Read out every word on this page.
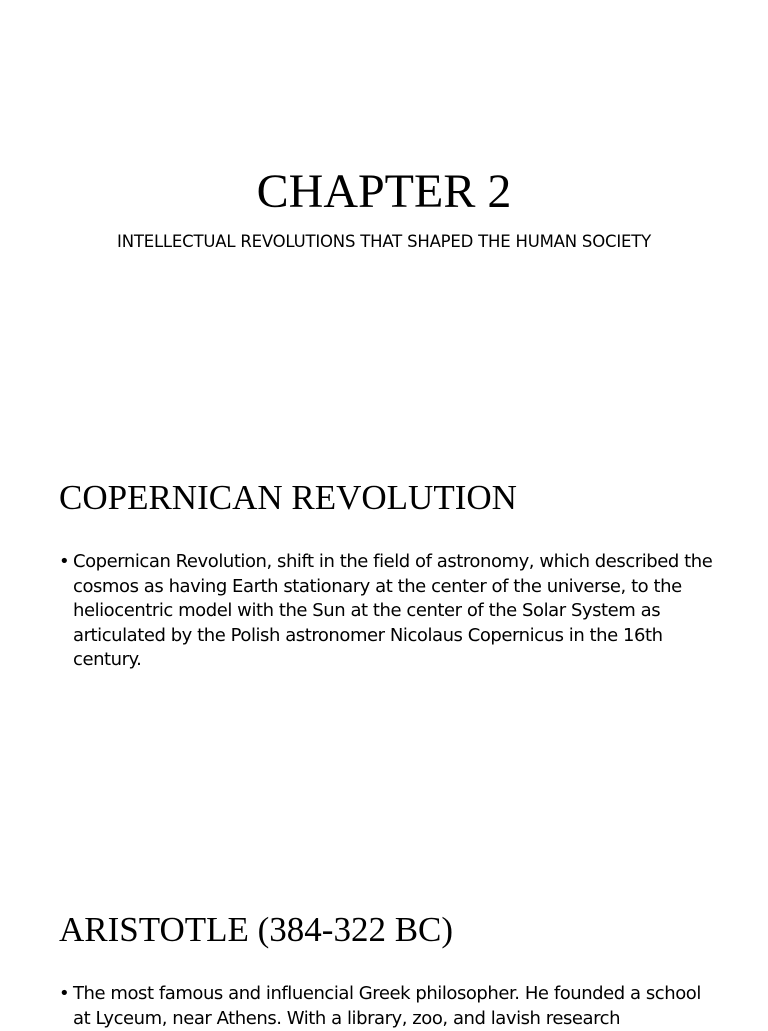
CHAPTER 2

INTELLECTUAL REVOLUTIONS THAT SHAPED THE HUMAN SOCIETY

COPERNICAN REVOLUTION
• Copernican Revolution, shift in the field of astronomy, which described the cosmos as having Earth stationary at the center of the universe, to the heliocentric model with the Sun at the center of the Solar System as articulated by the Polish astronomer Nicolaus Copernicus in the 16th century.
ARISTOTLE (384-322 BC)
• The most famous and influencial Greek philosopher. He founded a school at Lyceum, near Athens. With a library, zoo, and lavish research
